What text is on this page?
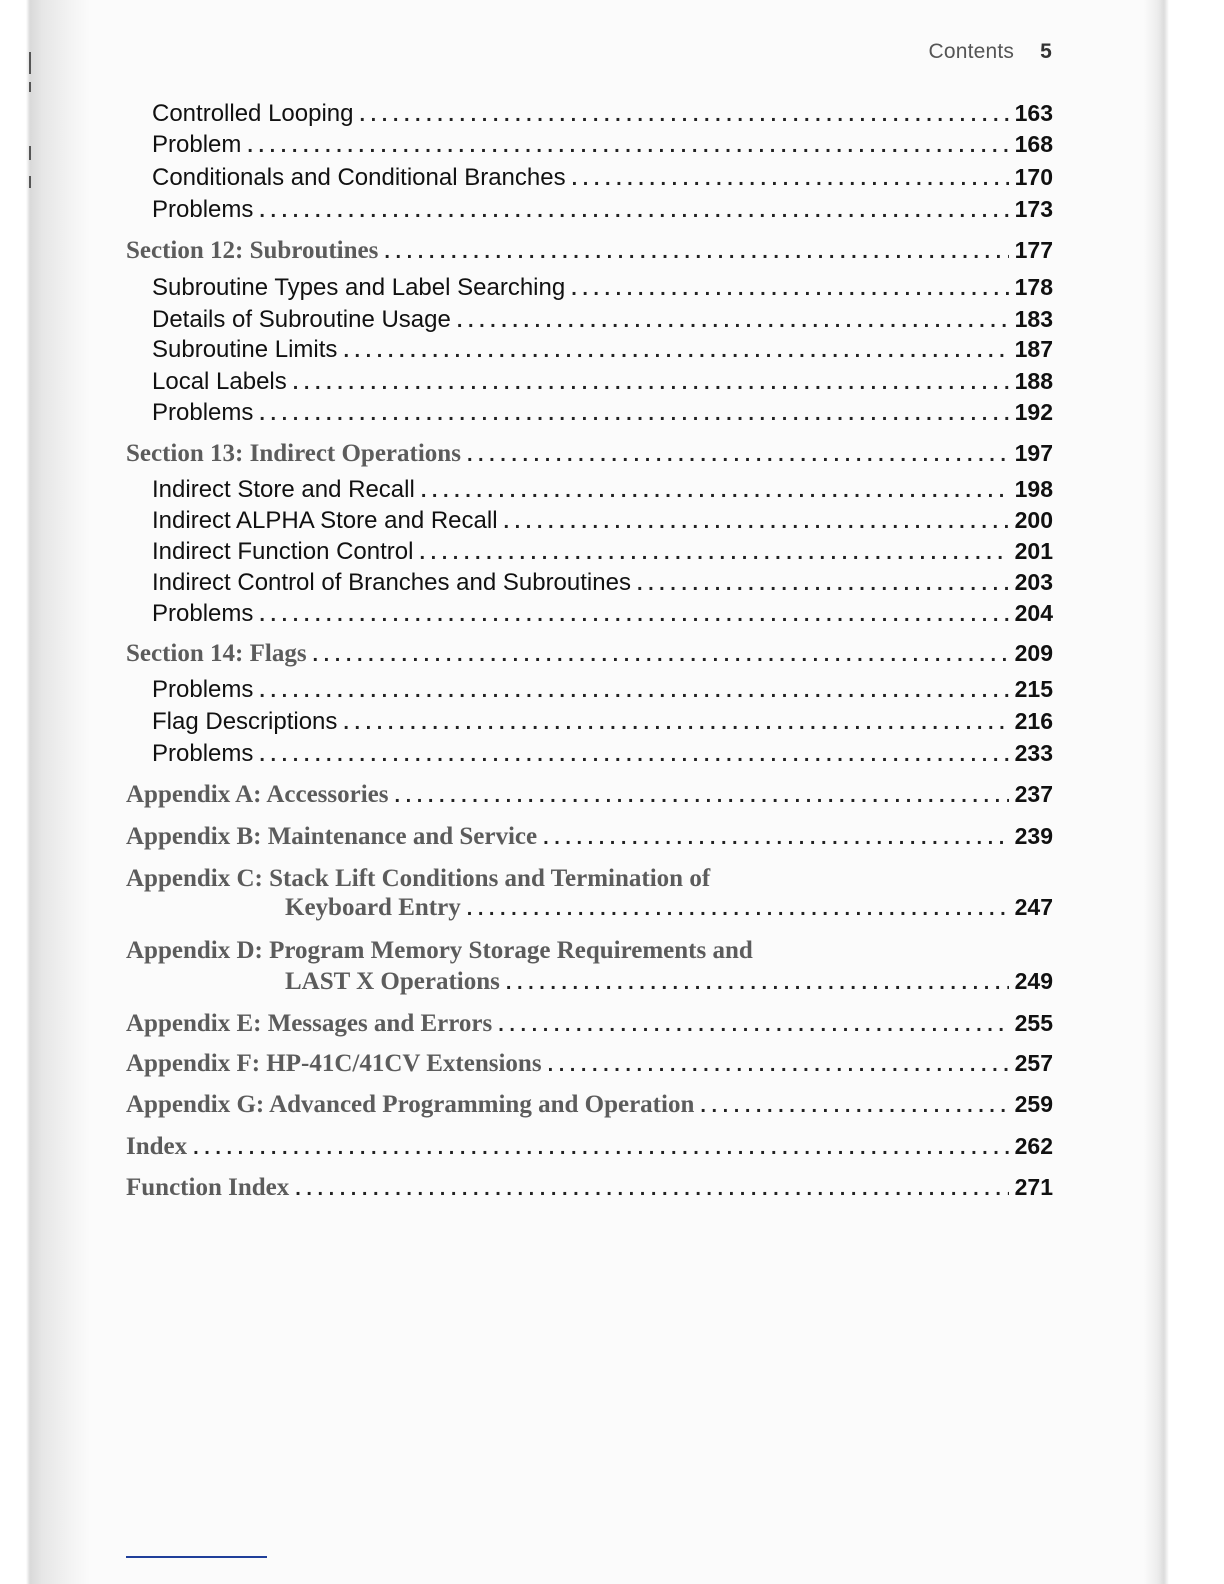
Contents 5
Controlled Looping . . .	163
Problem . . .	168
Conditionals and Conditional Branches . . .	170
Problems . . .	173
Section 12: Subroutines . . .	177
Subroutine Types and Label Searching . . .	178
Details of Subroutine Usage . . .	183
Subroutine Limits . . .	187
Local Labels . . .	188
Problems . . .	192
Section 13: Indirect Operations . . .	197
Indirect Store and Recall . . .	198
Indirect ALPHA Store and Recall . . .	200
Indirect Function Control . . .	201
Indirect Control of Branches and Subroutines . . .	203
Problems . . .	204
Section 14: Flags . . .	209
Problems . . .	215
Flag Descriptions . . .	216
Problems . . .	233
Appendix A: Accessories . . .	237
Appendix B: Maintenance and Service . . .	239
Appendix C: Stack Lift Conditions and Termination of
Keyboard Entry . . .	247
Appendix D: Program Memory Storage Requirements and
LAST X Operations . . .	249
Appendix E: Messages and Errors . . .	255
Appendix F: HP-41C/41CV Extensions . . .	257
Appendix G: Advanced Programming and Operation . . .	259
Index . . .	262
Function Index . . .	271
